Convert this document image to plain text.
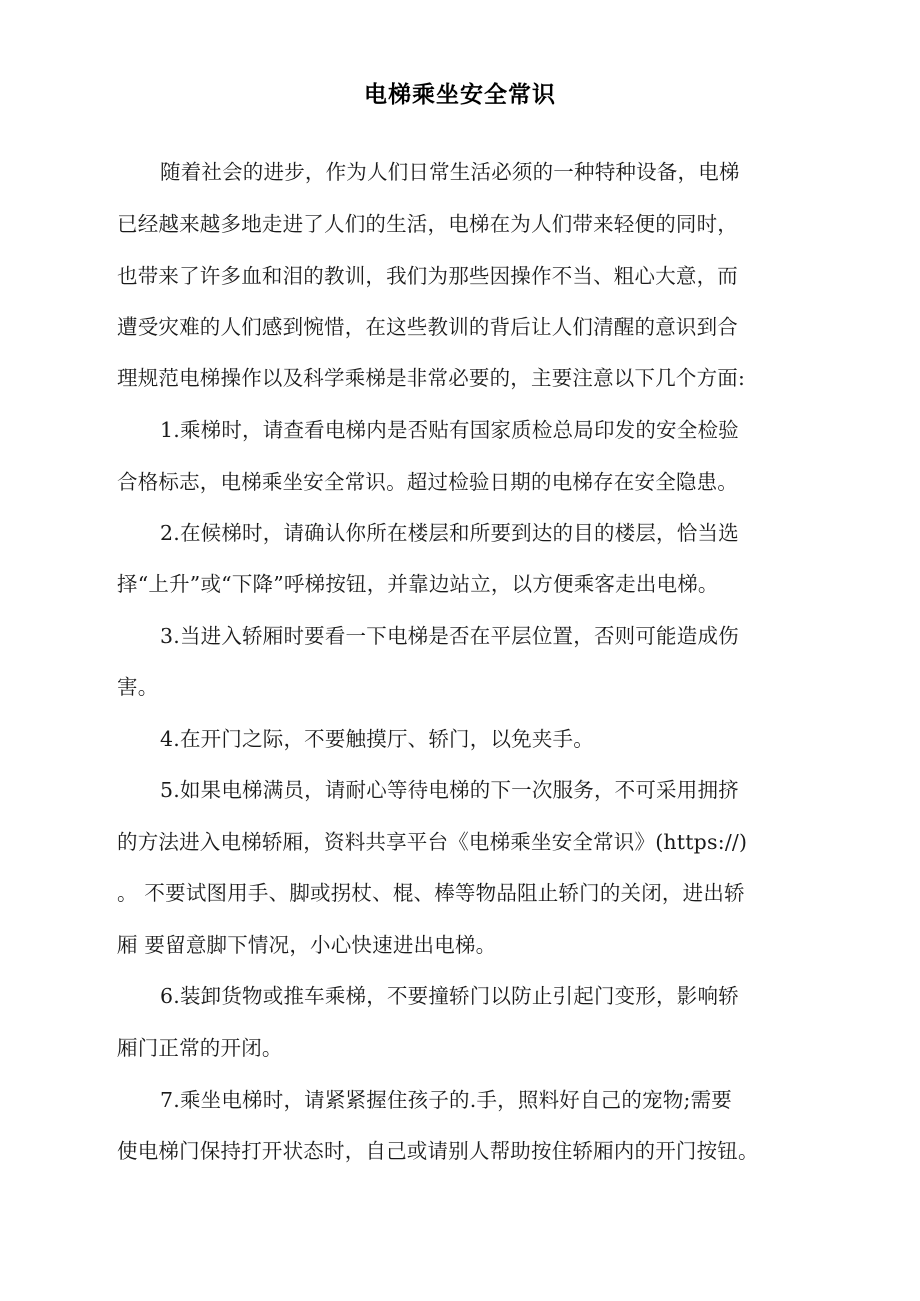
电梯乘坐安全常识
随着社会的进步，作为人们日常生活必须的一种特种设备，电梯
已经越来越多地走进了人们的生活，电梯在为人们带来轻便的同时，
也带来了许多血和泪的教训，我们为那些因操作不当、粗心大意，而
遭受灾难的人们感到惋惜，在这些教训的背后让人们清醒的意识到合
理规范电梯操作以及科学乘梯是非常必要的，主要注意以下几个方面:
1.乘梯时，请查看电梯内是否贴有国家质检总局印发的安全检验
合格标志，电梯乘坐安全常识。超过检验日期的电梯存在安全隐患。
2.在候梯时，请确认你所在楼层和所要到达的目的楼层，恰当选
择“上升”或“下降”呼梯按钮，并靠边站立，以方便乘客走出电梯。
3.当进入轿厢时要看一下电梯是否在平层位置，否则可能造成伤
害。
4.在开门之际，不要触摸厅、轿门，以免夹手。
5.如果电梯满员，请耐心等待电梯的下一次服务，不可采用拥挤
的方法进入电梯轿厢，资料共享平台《电梯乘坐安全常识》(https://)
。 不要试图用手、脚或拐杖、棍、棒等物品阻止轿门的关闭，进出轿
厢 要留意脚下情况，小心快速进出电梯。
6.装卸货物或推车乘梯，不要撞轿门以防止引起门变形，影响轿
厢门正常的开闭。
7.乘坐电梯时，请紧紧握住孩子的.手，照料好自己的宠物;需要
使电梯门保持打开状态时，自己或请别人帮助按住轿厢内的开门按钮。
